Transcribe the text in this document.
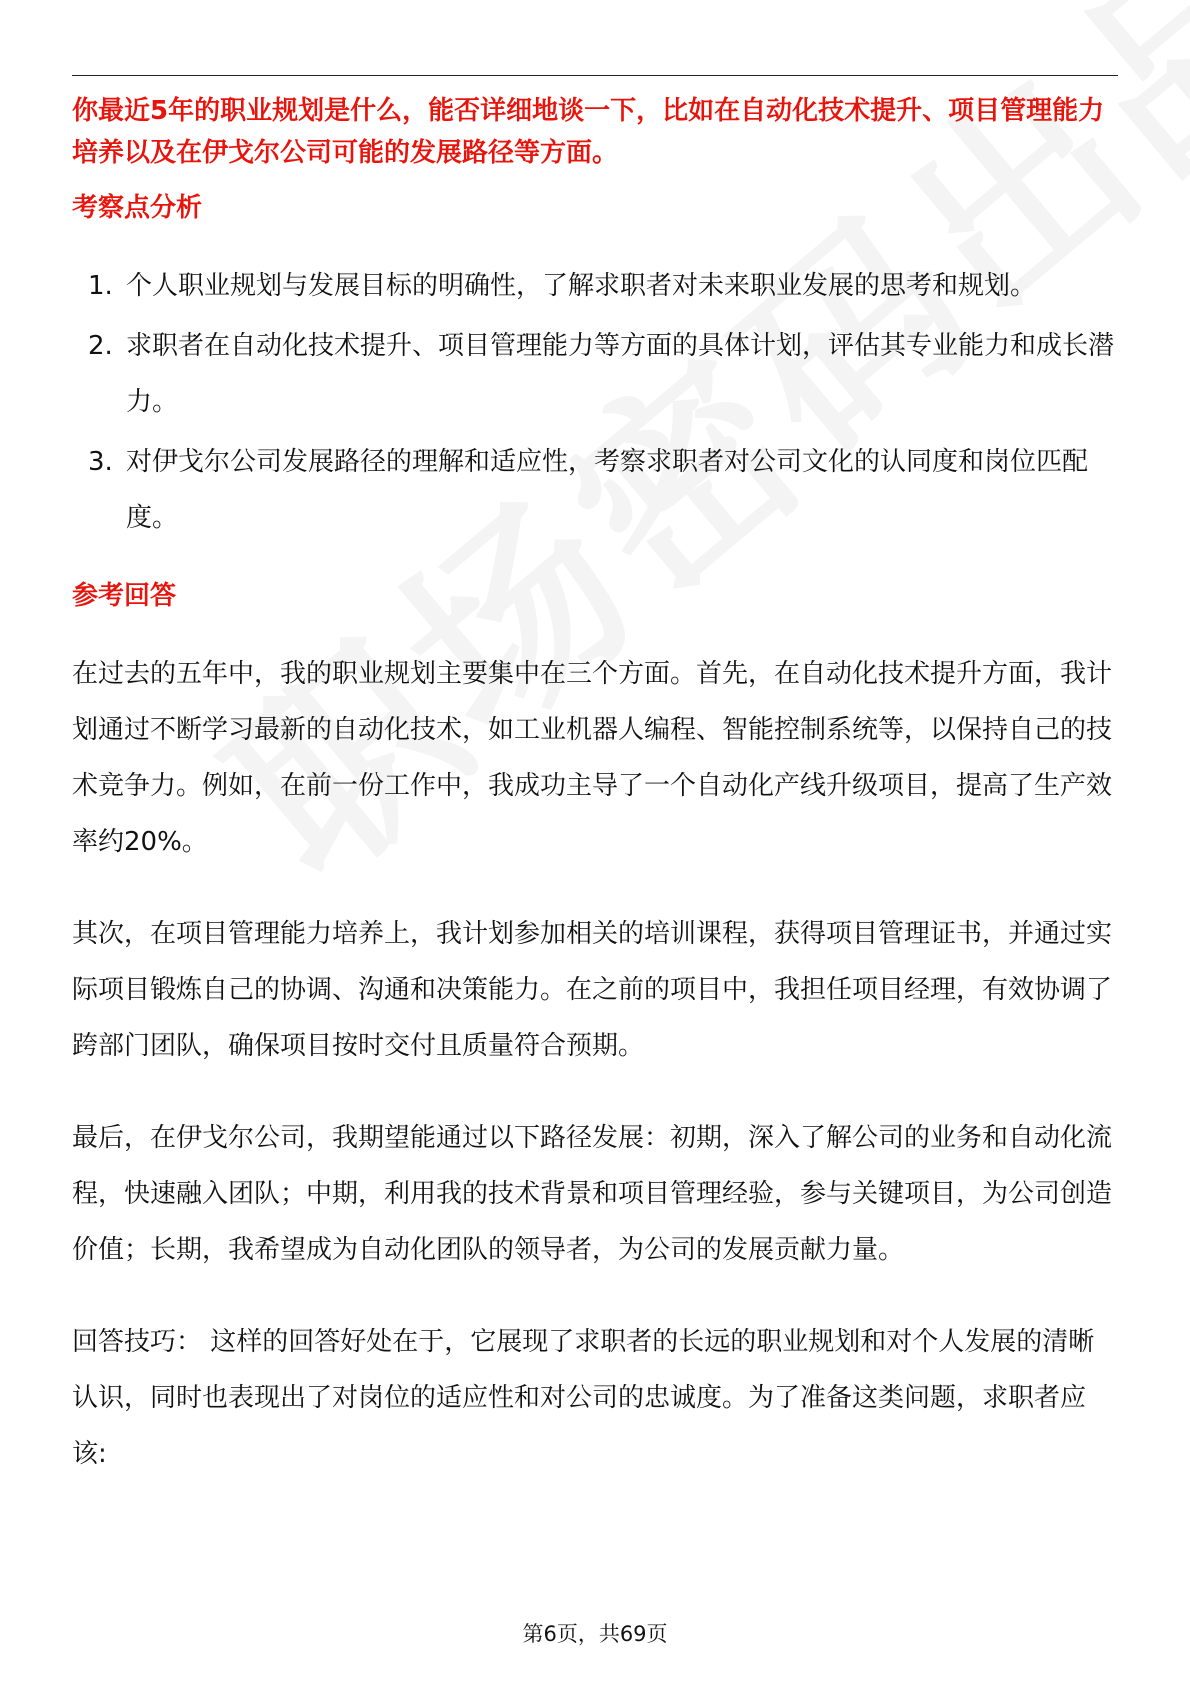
你最近5年的职业规划是什么，能否详细地谈一下，比如在自动化技术提升、项目管理能力培养以及在伊戈尔公司可能的发展路径等方面。

考察点分析
1. 个人职业规划与发展目标的明确性，了解求职者对未来职业发展的思考和规划。
2. 求职者在自动化技术提升、项目管理能力等方面的具体计划，评估其专业能力和成长潜力。
3. 对伊戈尔公司发展路径的理解和适应性，考察求职者对公司文化的认同度和岗位匹配度。
参考回答

在过去的五年中，我的职业规划主要集中在三个方面。首先，在自动化技术提升方面，我计划通过不断学习最新的自动化技术，如工业机器人编程、智能控制系统等，以保持自己的技术竞争力。例如，在前一份工作中，我成功主导了一个自动化产线升级项目，提高了生产效率约20%。

其次，在项目管理能力培养上，我计划参加相关的培训课程，获得项目管理证书，并通过实际项目锻炼自己的协调、沟通和决策能力。在之前的项目中，我担任项目经理，有效协调了跨部门团队，确保项目按时交付且质量符合预期。

最后，在伊戈尔公司，我期望能通过以下路径发展：初期，深入了解公司的业务和自动化流程，快速融入团队；中期，利用我的技术背景和项目管理经验，参与关键项目，为公司创造价值；长期，我希望成为自动化团队的领导者，为公司的发展贡献力量。

回答技巧： 这样的回答好处在于，它展现了求职者的长远的职业规划和对个人发展的清晰认识，同时也表现出了对岗位的适应性和对公司的忠诚度。为了准备这类问题，求职者应该:

第6页，共69页
